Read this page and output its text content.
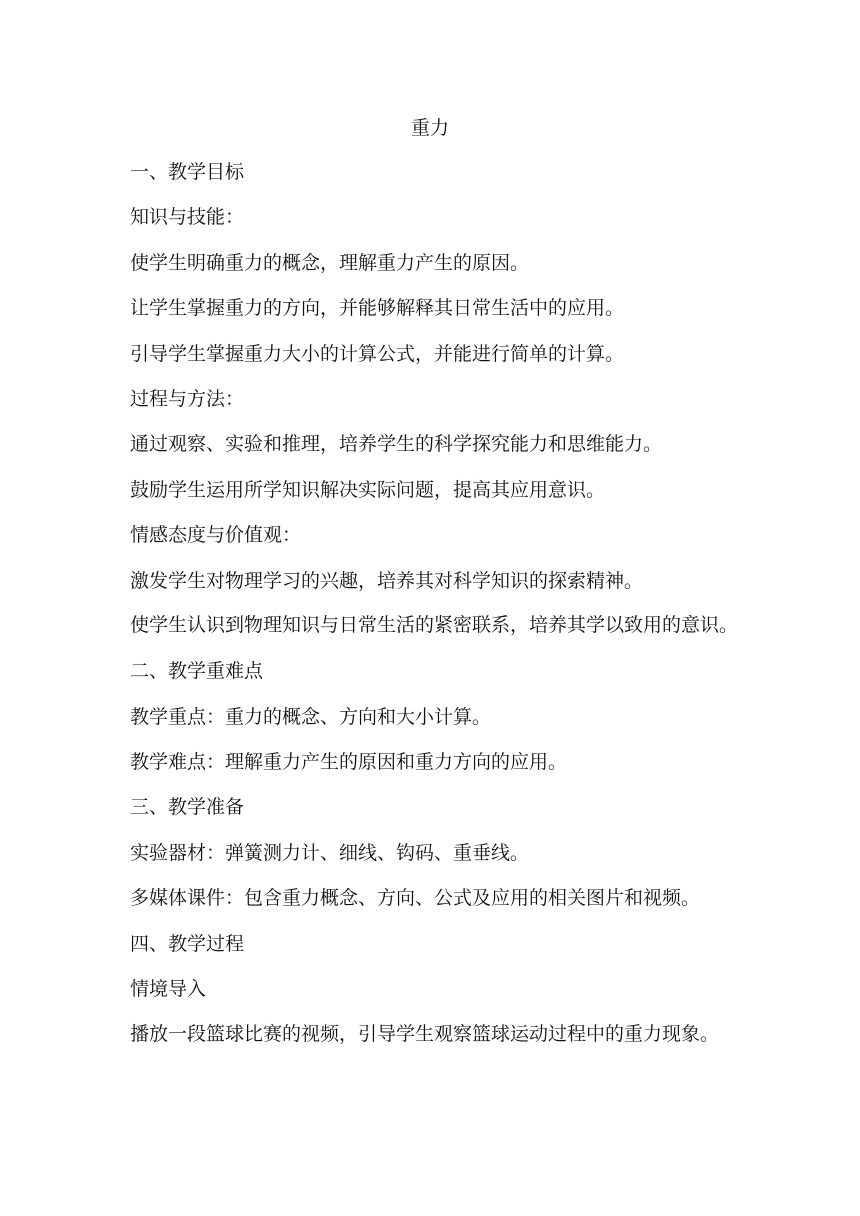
重力

一、教学目标

知识与技能：

使学生明确重力的概念，理解重力产生的原因。

让学生掌握重力的方向，并能够解释其日常生活中的应用。

引导学生掌握重力大小的计算公式，并能进行简单的计算。

过程与方法：

通过观察、实验和推理，培养学生的科学探究能力和思维能力。

鼓励学生运用所学知识解决实际问题，提高其应用意识。

情感态度与价值观：

激发学生对物理学习的兴趣，培养其对科学知识的探索精神。

使学生认识到物理知识与日常生活的紧密联系，培养其学以致用的意识。

二、教学重难点

教学重点：重力的概念、方向和大小计算。

教学难点：理解重力产生的原因和重力方向的应用。

三、教学准备

实验器材：弹簧测力计、细线、钩码、重垂线。

多媒体课件：包含重力概念、方向、公式及应用的相关图片和视频。

四、教学过程

情境导入

播放一段篮球比赛的视频，引导学生观察篮球运动过程中的重力现象。
